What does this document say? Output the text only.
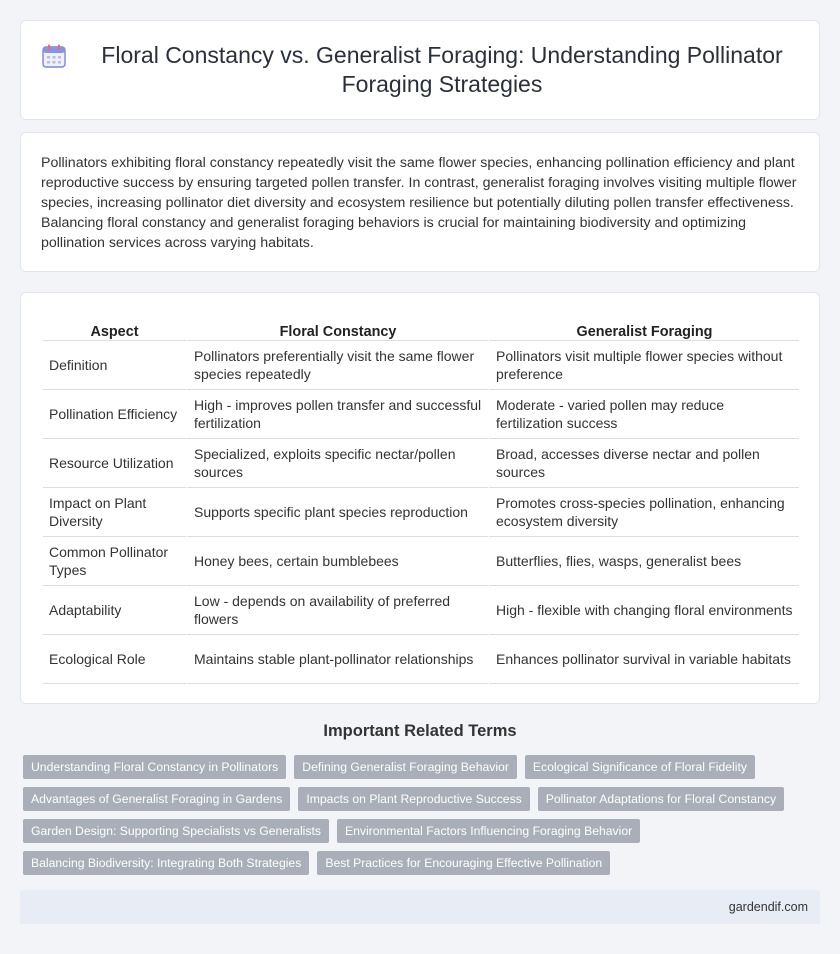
Floral Constancy vs. Generalist Foraging: Understanding Pollinator Foraging Strategies

Pollinators exhibiting floral constancy repeatedly visit the same flower species, enhancing pollination efficiency and plant reproductive success by ensuring targeted pollen transfer. In contrast, generalist foraging involves visiting multiple flower species, increasing pollinator diet diversity and ecosystem resilience but potentially diluting pollen transfer effectiveness. Balancing floral constancy and generalist foraging behaviors is crucial for maintaining biodiversity and optimizing pollination services across varying habitats.

Aspect	Floral Constancy	Generalist Foraging
Definition	Pollinators preferentially visit the same flower species repeatedly	Pollinators visit multiple flower species without preference
Pollination Efficiency	High - improves pollen transfer and successful fertilization	Moderate - varied pollen may reduce fertilization success
Resource Utilization	Specialized, exploits specific nectar/pollen sources	Broad, accesses diverse nectar and pollen sources
Impact on Plant Diversity	Supports specific plant species reproduction	Promotes cross-species pollination, enhancing ecosystem diversity
Common Pollinator Types	Honey bees, certain bumblebees	Butterflies, flies, wasps, generalist bees
Adaptability	Low - depends on availability of preferred flowers	High - flexible with changing floral environments
Ecological Role	Maintains stable plant-pollinator relationships	Enhances pollinator survival in variable habitats
Important Related Terms
Understanding Floral Constancy in Pollinators	Defining Generalist Foraging Behavior	Ecological Significance of Floral Fidelity
Advantages of Generalist Foraging in Gardens	Impacts on Plant Reproductive Success	Pollinator Adaptations for Floral Constancy
Garden Design: Supporting Specialists vs Generalists	Environmental Factors Influencing Foraging Behavior
Balancing Biodiversity: Integrating Both Strategies	Best Practices for Encouraging Effective Pollination
gardendif.com
